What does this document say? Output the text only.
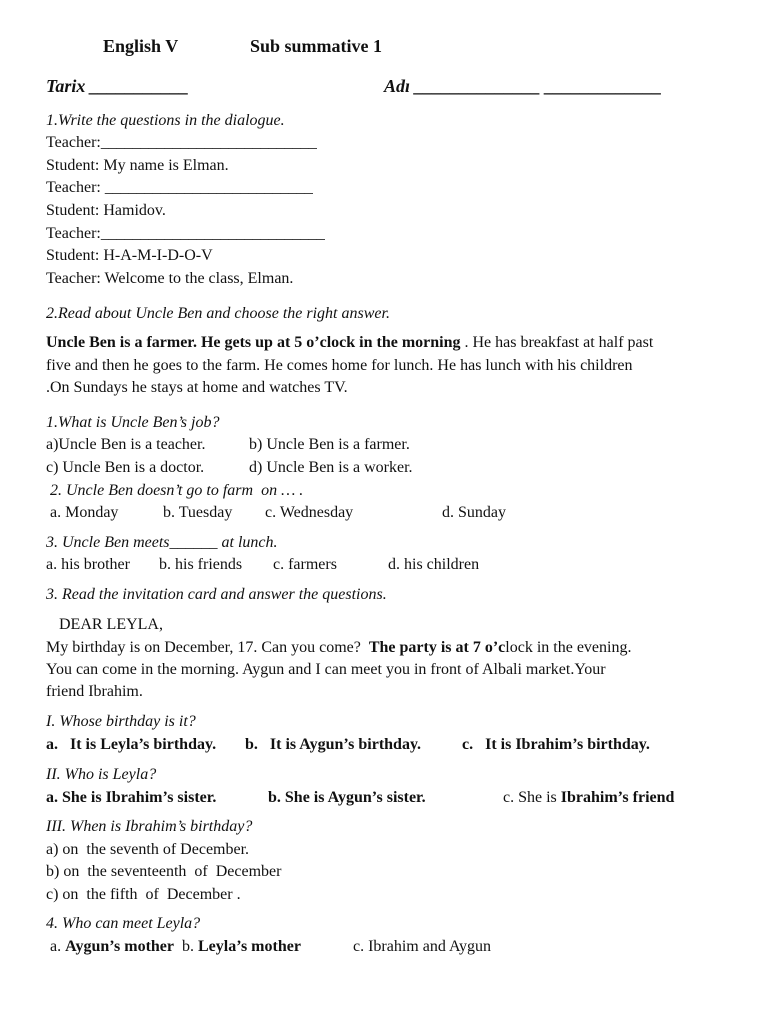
English V	Sub summative 1
Tarix ___________	Adı ______________ _____________
1.Write the questions in the dialogue.
Teacher:___________________________
Student: My name is Elman.
Teacher: __________________________
Student: Hamidov.
Teacher:____________________________
Student: H-A-M-I-D-O-V
Teacher: Welcome to the class, Elman.
2.Read about Uncle Ben and choose the right answer.
Uncle Ben is a farmer. He gets up at 5 o’clock in the morning . He has breakfast at half past
five and then he goes to the farm. He comes home for lunch. He has lunch with his children
.On Sundays he stays at home and watches TV.
1.What is Uncle Ben’s job?
a)Uncle Ben is a teacher.	b) Uncle Ben is a farmer.
c) Uncle Ben is a doctor.	d) Uncle Ben is a worker.
2. Uncle Ben doesn’t go to farm  on … .
a. Monday	b. Tuesday c. Wednesday	d. Sunday
3. Uncle Ben meets______ at lunch.
a. his brother b. his friends c. farmers	d. his children
3. Read the invitation card and answer the questions.
DEAR LEYLA,
My birthday is on December, 17. Can you come?  The party is at 7 o’clock in the evening.
You can come in the morning. Aygun and I can meet you in front of Albali market.Your
friend Ibrahim.
I. Whose birthday is it?
a.   It is Leyla’s birthday. b.   It is Aygun’s birthday.	c.   It is Ibrahim’s birthday.
II. Who is Leyla?
a. She is Ibrahim’s sister.	b. She is Aygun’s sister.	c. She is Ibrahim’s friend
III. When is Ibrahim’s birthday?
a) on  the seventh of December.
b) on  the seventeenth  of  December
c) on  the fifth  of  December .
4. Who can meet Leyla?
a. Aygun’s mother  b. Leyla’s mother	c. Ibrahim and Aygun
